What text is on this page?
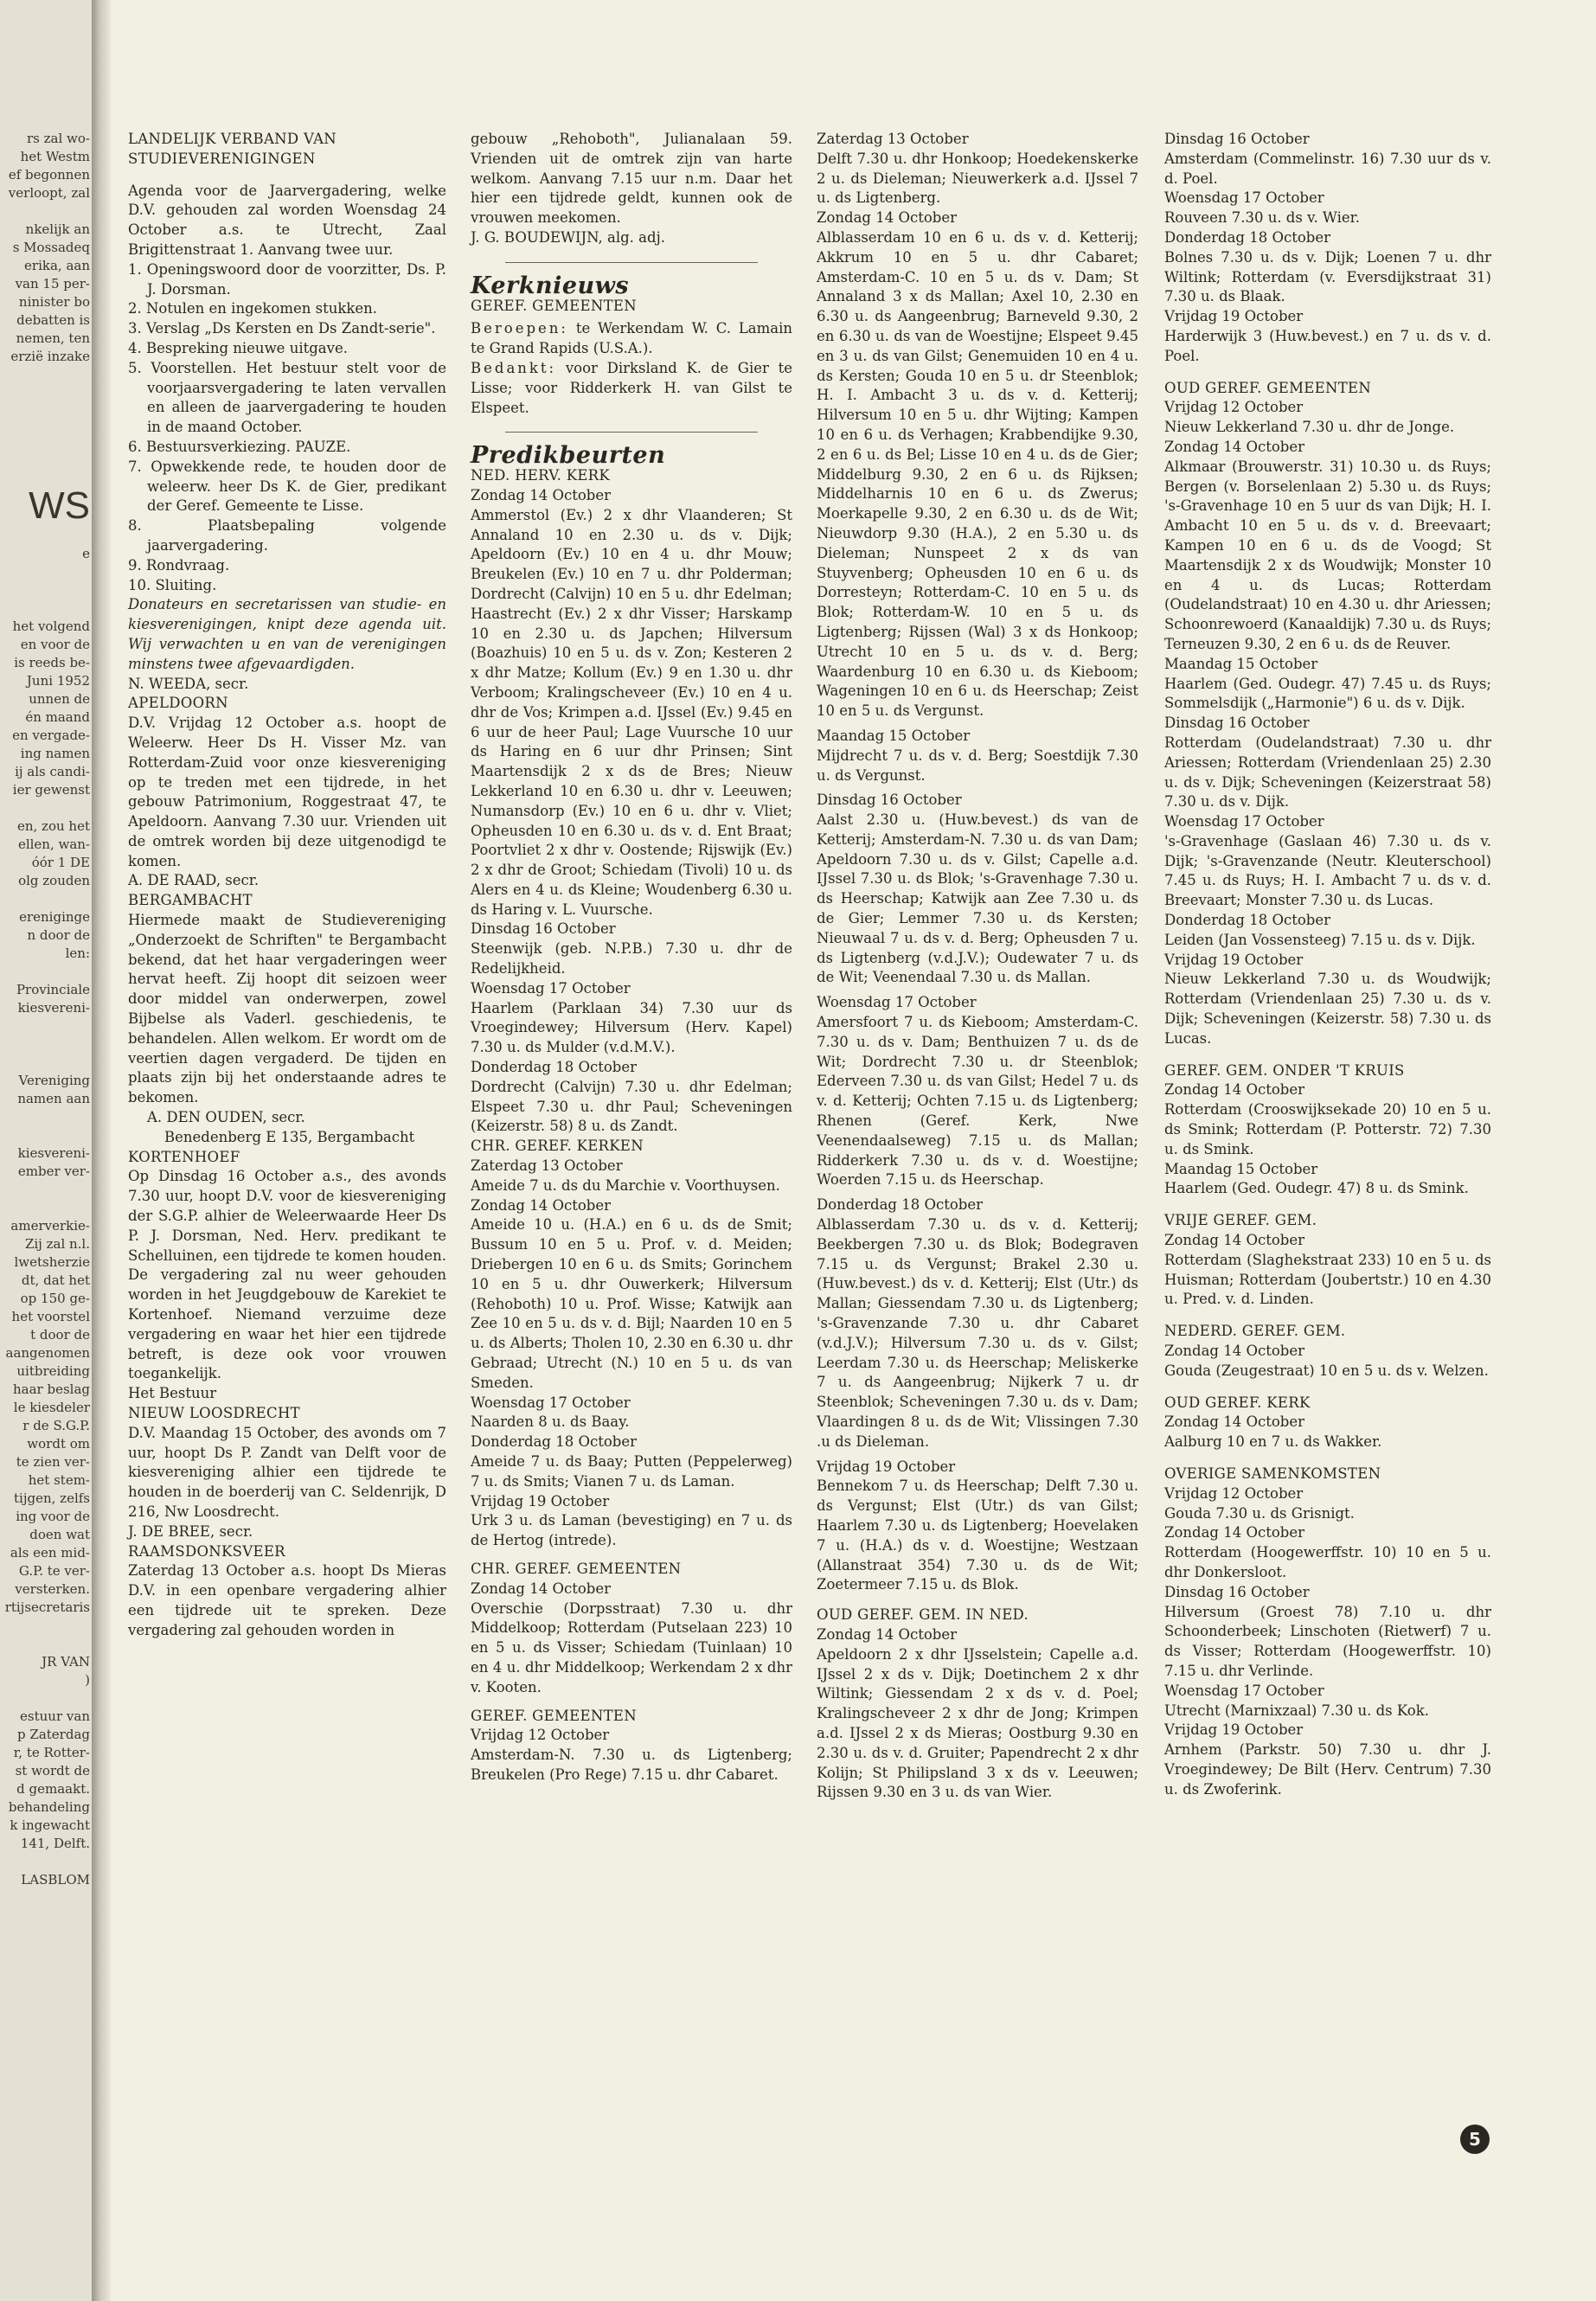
rs zal wo-
het Westm
ef begonnen
verloopt, zal

nkelijk an
s Mossadeq
erika, aan
van 15 per-
ninister bo
debatten is
nemen, ten
erzië inzake
WS
e

het volgend
en voor de
is reeds be-
Juni 1952
unnen de
én maand
en vergade-
ing namen
ij als candi-
ier gewenst

en, zou het
ellen, wan-
óór 1 DE
olg zouden

ereniginge
n door de
len:

Provinciale
kiesvereni-

Vereniging
namen aan

kiesvereni-
ember ver-

amerverkie-
Zij zal n.l.
lwetsherzie
dt, dat het
op 150 ge-
het voorstel
t door de
aangenomen
uitbreiding
haar beslag
le kiesdeler
r de S.G.P.
wordt om
te zien ver-
het stem-
tijgen, zelfs
ing voor de
doen wat
als een mid-
G.P. te ver-
versterken.
rtijsecretaris

JR VAN
)

estuur van
p Zaterdag
r, te Rotter-
st wordt de
d gemaakt.
behandeling
k ingewacht
141, Delft.

LASBLOM

LANDELIJK VERBAND VAN

STUDIEVERENIGINGEN

Agenda voor de Jaarvergadering, welke D.V. gehouden zal worden Woensdag 24 October a.s. te Utrecht, Zaal Brigittenstraat 1. Aanvang twee uur.

1. Openingswoord door de voorzitter, Ds. P. J. Dorsman.

2. Notulen en ingekomen stukken.

3. Verslag „Ds Kersten en Ds Zandt-serie".

4. Bespreking nieuwe uitgave.

5. Voorstellen. Het bestuur stelt voor de voorjaarsvergadering te laten vervallen en alleen de jaarvergadering te houden in de maand October.

6. Bestuursverkiezing. PAUZE.

7. Opwekkende rede, te houden door de weleerw. heer Ds K. de Gier, predikant der Geref. Gemeente te Lisse.

8. Plaatsbepaling volgende jaarvergadering.

9. Rondvraag.

10. Sluiting.

Donateurs en secretarissen van studie- en kiesverenigingen, knipt deze agenda uit. Wij verwachten u en van de verenigingen minstens twee afgevaardigden.

N. WEEDA, secr.

APELDOORN

D.V. Vrijdag 12 October a.s. hoopt de Weleerw. Heer Ds H. Visser Mz. van Rotterdam-Zuid voor onze kiesvereniging op te treden met een tijdrede, in het gebouw Patrimonium, Roggestraat 47, te Apeldoorn. Aanvang 7.30 uur. Vrienden uit de omtrek worden bij deze uitgenodigd te komen.

A. DE RAAD, secr.

BERGAMBACHT

Hiermede maakt de Studievereniging „Onderzoekt de Schriften" te Bergambacht bekend, dat het haar vergaderingen weer hervat heeft. Zij hoopt dit seizoen weer door middel van onderwerpen, zowel Bijbelse als Vaderl. geschiedenis, te behandelen. Allen welkom. Er wordt om de veertien dagen vergaderd. De tijden en plaats zijn bij het onderstaande adres te bekomen.

A. DEN OUDEN, secr.

Benedenberg E 135, Bergambacht

KORTENHOEF

Op Dinsdag 16 October a.s., des avonds 7.30 uur, hoopt D.V. voor de kiesvereniging der S.G.P. alhier de Weleerwaarde Heer Ds P. J. Dorsman, Ned. Herv. predikant te Schelluinen, een tijdrede te komen houden. De vergadering zal nu weer gehouden worden in het Jeugdgebouw de Karekiet te Kortenhoef. Niemand verzuime deze vergadering en waar het hier een tijdrede betreft, is deze ook voor vrouwen toegankelijk.

Het Bestuur

NIEUW LOOSDRECHT

D.V. Maandag 15 October, des avonds om 7 uur, hoopt Ds P. Zandt van Delft voor de kiesvereniging alhier een tijdrede te houden in de boerderij van C. Seldenrijk, D 216, Nw Loosdrecht.

J. DE BREE, secr.

RAAMSDONKSVEER

Zaterdag 13 October a.s. hoopt Ds Mieras D.V. in een openbare vergadering alhier een tijdrede uit te spreken. Deze vergadering zal gehouden worden in

gebouw „Rehoboth", Julianalaan 59. Vrienden uit de omtrek zijn van harte welkom. Aanvang 7.15 uur n.m. Daar het hier een tijdrede geldt, kunnen ook de vrouwen meekomen.

J. G. BOUDEWIJN, alg. adj.

Kerknieuws

GEREF. GEMEENTEN

Beroepen: te Werkendam W. C. Lamain te Grand Rapids (U.S.A.).

Bedankt: voor Dirksland K. de Gier te Lisse; voor Ridderkerk H. van Gilst te Elspeet.

Predikbeurten

NED. HERV. KERK

Zondag 14 October

Ammerstol (Ev.) 2 x dhr Vlaanderen; St Annaland 10 en 2.30 u. ds v. Dijk; Apeldoorn (Ev.) 10 en 4 u. dhr Mouw; Breukelen (Ev.) 10 en 7 u. dhr Polderman; Dordrecht (Calvijn) 10 en 5 u. dhr Edelman; Haastrecht (Ev.) 2 x dhr Visser; Harskamp 10 en 2.30 u. ds Japchen; Hilversum (Boazhuis) 10 en 5 u. ds v. Zon; Kesteren 2 x dhr Matze; Kollum (Ev.) 9 en 1.30 u. dhr Verboom; Kralingscheveer (Ev.) 10 en 4 u. dhr de Vos; Krimpen a.d. IJssel (Ev.) 9.45 en 6 uur de heer Paul; Lage Vuursche 10 uur ds Haring en 6 uur dhr Prinsen; Sint Maartensdijk 2 x ds de Bres; Nieuw Lekkerland 10 en 6.30 u. dhr v. Leeuwen; Numansdorp (Ev.) 10 en 6 u. dhr v. Vliet; Opheusden 10 en 6.30 u. ds v. d. Ent Braat; Poortvliet 2 x dhr v. Oostende; Rijswijk (Ev.) 2 x dhr de Groot; Schiedam (Tivoli) 10 u. ds Alers en 4 u. ds Kleine; Woudenberg 6.30 u. ds Haring v. L. Vuursche.

Dinsdag 16 October

Steenwijk (geb. N.P.B.) 7.30 u. dhr de Redelijkheid.

Woensdag 17 October

Haarlem (Parklaan 34) 7.30 uur ds Vroegindewey; Hilversum (Herv. Kapel) 7.30 u. ds Mulder (v.d.M.V.).

Donderdag 18 October

Dordrecht (Calvijn) 7.30 u. dhr Edelman; Elspeet 7.30 u. dhr Paul; Scheveningen (Keizerstr. 58) 8 u. ds Zandt.

CHR. GEREF. KERKEN

Zaterdag 13 October

Ameide 7 u. ds du Marchie v. Voorthuysen.

Zondag 14 October

Ameide 10 u. (H.A.) en 6 u. ds de Smit; Bussum 10 en 5 u. Prof. v. d. Meiden; Driebergen 10 en 6 u. ds Smits; Gorinchem 10 en 5 u. dhr Ouwerkerk; Hilversum (Rehoboth) 10 u. Prof. Wisse; Katwijk aan Zee 10 en 5 u. ds v. d. Bijl; Naarden 10 en 5 u. ds Alberts; Tholen 10, 2.30 en 6.30 u. dhr Gebraad; Utrecht (N.) 10 en 5 u. ds van Smeden.

Woensdag 17 October

Naarden 8 u. ds Baay.

Donderdag 18 October

Ameide 7 u. ds Baay; Putten (Peppelerweg) 7 u. ds Smits; Vianen 7 u. ds Laman.

Vrijdag 19 October

Urk 3 u. ds Laman (bevestiging) en 7 u. ds de Hertog (intrede).

CHR. GEREF. GEMEENTEN

Zondag 14 October

Overschie (Dorpsstraat) 7.30 u. dhr Middelkoop; Rotterdam (Putselaan 223) 10 en 5 u. ds Visser; Schiedam (Tuinlaan) 10 en 4 u. dhr Middelkoop; Werkendam 2 x dhr v. Kooten.

GEREF. GEMEENTEN

Vrijdag 12 October

Amsterdam-N. 7.30 u. ds Ligtenberg; Breukelen (Pro Rege) 7.15 u. dhr Cabaret.

Zaterdag 13 October

Delft 7.30 u. dhr Honkoop; Hoedekenskerke 2 u. ds Dieleman; Nieuwerkerk a.d. IJssel 7 u. ds Ligtenberg.

Zondag 14 October

Alblasserdam 10 en 6 u. ds v. d. Ketterij; Akkrum 10 en 5 u. dhr Cabaret; Amsterdam-C. 10 en 5 u. ds v. Dam; St Annaland 3 x ds Mallan; Axel 10, 2.30 en 6.30 u. ds Aangeenbrug; Barneveld 9.30, 2 en 6.30 u. ds van de Woestijne; Elspeet 9.45 en 3 u. ds van Gilst; Genemuiden 10 en 4 u. ds Kersten; Gouda 10 en 5 u. dr Steenblok; H. I. Ambacht 3 u. ds v. d. Ketterij; Hilversum 10 en 5 u. dhr Wijting; Kampen 10 en 6 u. ds Verhagen; Krabbendijke 9.30, 2 en 6 u. ds Bel; Lisse 10 en 4 u. ds de Gier; Middelburg 9.30, 2 en 6 u. ds Rijksen; Middelharnis 10 en 6 u. ds Zwerus; Moerkapelle 9.30, 2 en 6.30 u. ds de Wit; Nieuwdorp 9.30 (H.A.), 2 en 5.30 u. ds Dieleman; Nunspeet 2 x ds van Stuyvenberg; Opheusden 10 en 6 u. ds Dorresteyn; Rotterdam-C. 10 en 5 u. ds Blok; Rotterdam-W. 10 en 5 u. ds Ligtenberg; Rijssen (Wal) 3 x ds Honkoop; Utrecht 10 en 5 u. ds v. d. Berg; Waardenburg 10 en 6.30 u. ds Kieboom; Wageningen 10 en 6 u. ds Heerschap; Zeist 10 en 5 u. ds Vergunst.

Maandag 15 October

Mijdrecht 7 u. ds v. d. Berg; Soestdijk 7.30 u. ds Vergunst.

Dinsdag 16 October

Aalst 2.30 u. (Huw.bevest.) ds van de Ketterij; Amsterdam-N. 7.30 u. ds van Dam; Apeldoorn 7.30 u. ds v. Gilst; Capelle a.d. IJssel 7.30 u. ds Blok; 's-Gravenhage 7.30 u. ds Heerschap; Katwijk aan Zee 7.30 u. ds de Gier; Lemmer 7.30 u. ds Kersten; Nieuwaal 7 u. ds v. d. Berg; Opheusden 7 u. ds Ligtenberg (v.d.J.V.); Oudewater 7 u. ds de Wit; Veenendaal 7.30 u. ds Mallan.

Woensdag 17 October

Amersfoort 7 u. ds Kieboom; Amsterdam-C. 7.30 u. ds v. Dam; Benthuizen 7 u. ds de Wit; Dordrecht 7.30 u. dr Steenblok; Ederveen 7.30 u. ds van Gilst; Hedel 7 u. ds v. d. Ketterij; Ochten 7.15 u. ds Ligtenberg; Rhenen (Geref. Kerk, Nwe Veenendaalseweg) 7.15 u. ds Mallan; Ridderkerk 7.30 u. ds v. d. Woestijne; Woerden 7.15 u. ds Heerschap.

Donderdag 18 October

Alblasserdam 7.30 u. ds v. d. Ketterij; Beekbergen 7.30 u. ds Blok; Bodegraven 7.15 u. ds Vergunst; Brakel 2.30 u. (Huw.bevest.) ds v. d. Ketterij; Elst (Utr.) ds Mallan; Giessendam 7.30 u. ds Ligtenberg; 's-Gravenzande 7.30 u. dhr Cabaret (v.d.J.V.); Hilversum 7.30 u. ds v. Gilst; Leerdam 7.30 u. ds Heerschap; Meliskerke 7 u. ds Aangeenbrug; Nijkerk 7 u. dr Steenblok; Scheveningen 7.30 u. ds v. Dam; Vlaardingen 8 u. ds de Wit; Vlissingen 7.30 .u ds Dieleman.

Vrijdag 19 October

Bennekom 7 u. ds Heerschap; Delft 7.30 u. ds Vergunst; Elst (Utr.) ds van Gilst; Haarlem 7.30 u. ds Ligtenberg; Hoevelaken 7 u. (H.A.) ds v. d. Woestijne; Westzaan (Allanstraat 354) 7.30 u. ds de Wit; Zoetermeer 7.15 u. ds Blok.

OUD GEREF. GEM. IN NED.

Zondag 14 October

Apeldoorn 2 x dhr IJsselstein; Capelle a.d. IJssel 2 x ds v. Dijk; Doetinchem 2 x dhr Wiltink; Giessendam 2 x ds v. d. Poel; Kralingscheveer 2 x dhr de Jong; Krimpen a.d. IJssel 2 x ds Mieras; Oostburg 9.30 en 2.30 u. ds v. d. Gruiter; Papendrecht 2 x dhr Kolijn; St Philipsland 3 x ds v. Leeuwen; Rijssen 9.30 en 3 u. ds van Wier.

Dinsdag 16 October

Amsterdam (Commelinstr. 16) 7.30 uur ds v. d. Poel.

Woensdag 17 October

Rouveen 7.30 u. ds v. Wier.

Donderdag 18 October

Bolnes 7.30 u. ds v. Dijk; Loenen 7 u. dhr Wiltink; Rotterdam (v. Eversdijkstraat 31) 7.30 u. ds Blaak.

Vrijdag 19 October

Harderwijk 3 (Huw.bevest.) en 7 u. ds v. d. Poel.

OUD GEREF. GEMEENTEN

Vrijdag 12 October

Nieuw Lekkerland 7.30 u. dhr de Jonge.

Zondag 14 October

Alkmaar (Brouwerstr. 31) 10.30 u. ds Ruys; Bergen (v. Borselenlaan 2) 5.30 u. ds Ruys; 's-Gravenhage 10 en 5 uur ds van Dijk; H. I. Ambacht 10 en 5 u. ds v. d. Breevaart; Kampen 10 en 6 u. ds de Voogd; St Maartensdijk 2 x ds Woudwijk; Monster 10 en 4 u. ds Lucas; Rotterdam (Oudelandstraat) 10 en 4.30 u. dhr Ariessen; Schoonrewoerd (Kanaaldijk) 7.30 u. ds Ruys; Terneuzen 9.30, 2 en 6 u. ds de Reuver.

Maandag 15 October

Haarlem (Ged. Oudegr. 47) 7.45 u. ds Ruys; Sommelsdijk („Harmonie") 6 u. ds v. Dijk.

Dinsdag 16 October

Rotterdam (Oudelandstraat) 7.30 u. dhr Ariessen; Rotterdam (Vriendenlaan 25) 2.30 u. ds v. Dijk; Scheveningen (Keizerstraat 58) 7.30 u. ds v. Dijk.

Woensdag 17 October

's-Gravenhage (Gaslaan 46) 7.30 u. ds v. Dijk; 's-Gravenzande (Neutr. Kleuterschool) 7.45 u. ds Ruys; H. I. Ambacht 7 u. ds v. d. Breevaart; Monster 7.30 u. ds Lucas.

Donderdag 18 October

Leiden (Jan Vossensteeg) 7.15 u. ds v. Dijk.

Vrijdag 19 October

Nieuw Lekkerland 7.30 u. ds Woudwijk; Rotterdam (Vriendenlaan 25) 7.30 u. ds v. Dijk; Scheveningen (Keizerstr. 58) 7.30 u. ds Lucas.

GEREF. GEM. ONDER 'T KRUIS

Zondag 14 October

Rotterdam (Crooswijksekade 20) 10 en 5 u. ds Smink; Rotterdam (P. Potterstr. 72) 7.30 u. ds Smink.

Maandag 15 October

Haarlem (Ged. Oudegr. 47) 8 u. ds Smink.

VRIJE GEREF. GEM.

Zondag 14 October

Rotterdam (Slaghekstraat 233) 10 en 5 u. ds Huisman; Rotterdam (Joubertstr.) 10 en 4.30 u. Pred. v. d. Linden.

NEDERD. GEREF. GEM.

Zondag 14 October

Gouda (Zeugestraat) 10 en 5 u. ds v. Welzen.

OUD GEREF. KERK

Zondag 14 October

Aalburg 10 en 7 u. ds Wakker.

OVERIGE SAMENKOMSTEN

Vrijdag 12 October

Gouda 7.30 u. ds Grisnigt.

Zondag 14 October

Rotterdam (Hoogewerffstr. 10) 10 en 5 u. dhr Donkersloot.

Dinsdag 16 October

Hilversum (Groest 78) 7.10 u. dhr Schoonderbeek; Linschoten (Rietwerf) 7 u. ds Visser; Rotterdam (Hoogewerffstr. 10) 7.15 u. dhr Verlinde.

Woensdag 17 October

Utrecht (Marnixzaal) 7.30 u. ds Kok.

Vrijdag 19 October

Arnhem (Parkstr. 50) 7.30 u. dhr J. Vroegindewey; De Bilt (Herv. Centrum) 7.30 u. ds Zwoferink.

5
